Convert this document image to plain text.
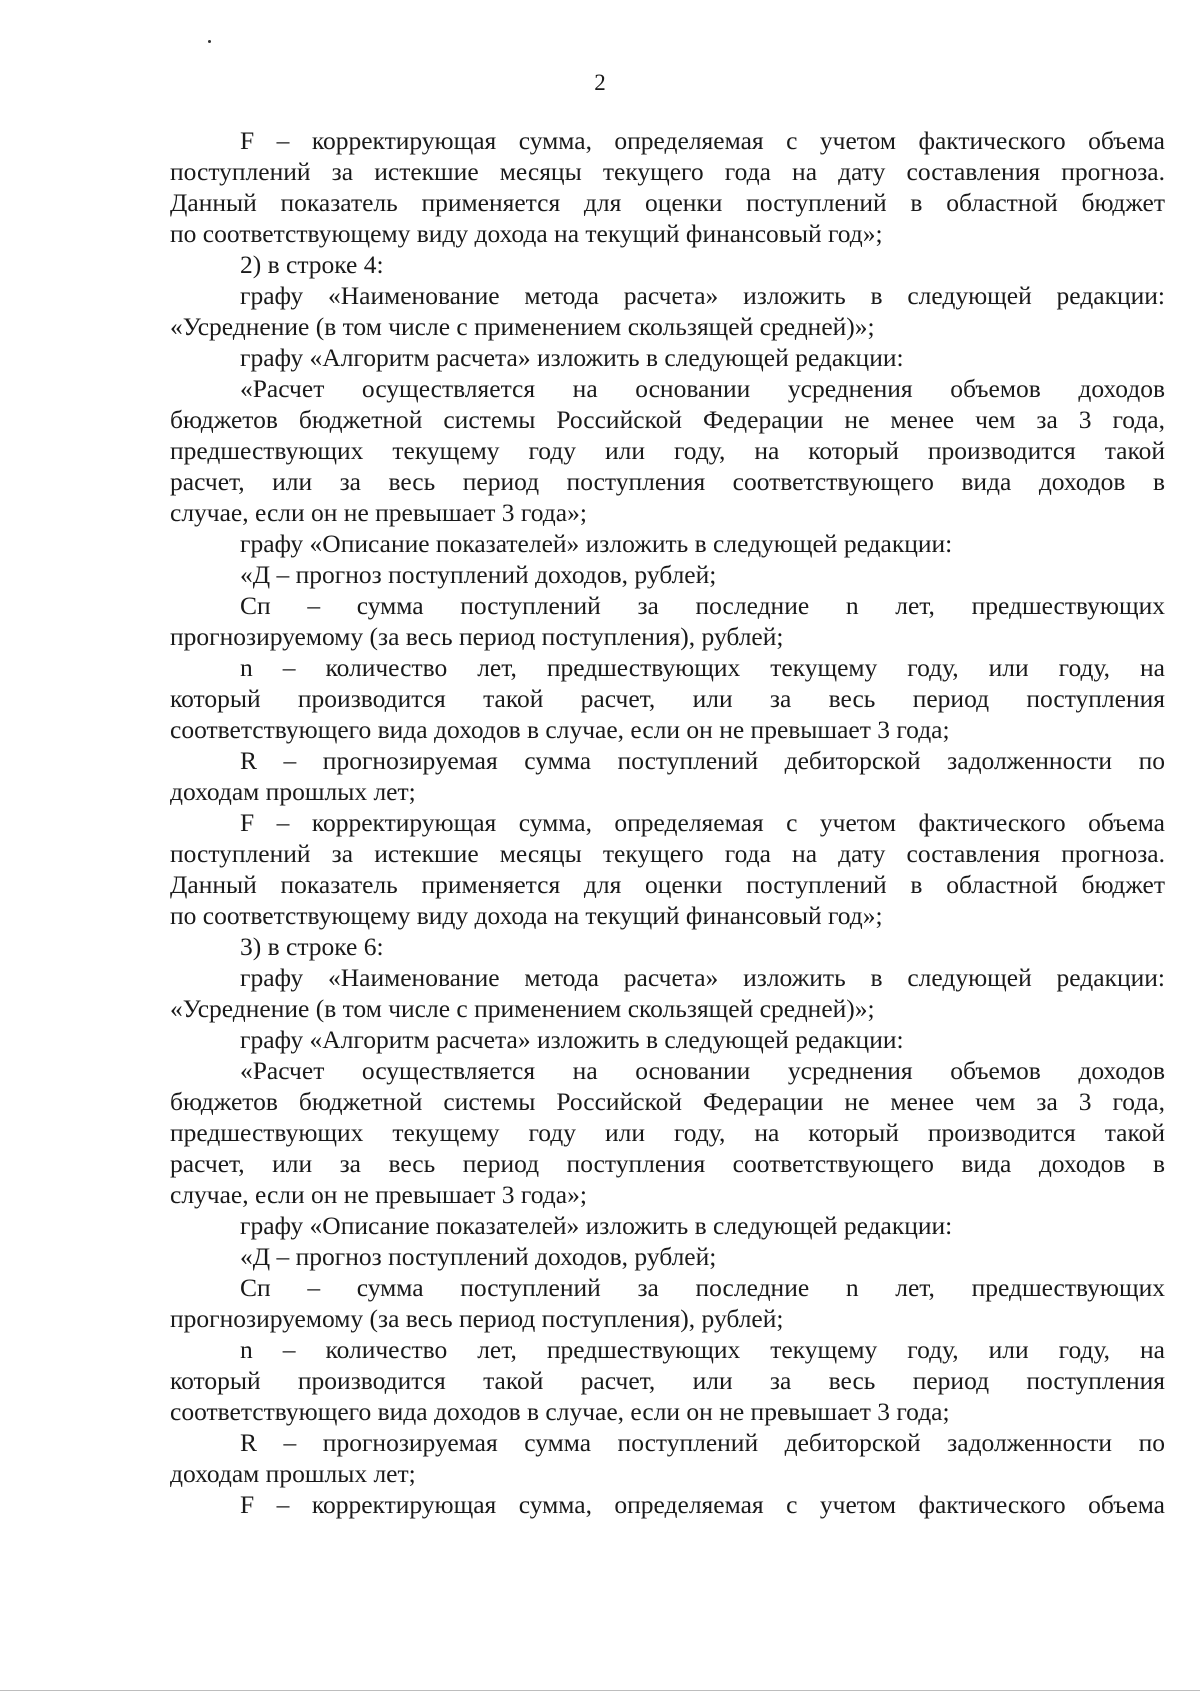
2
F – корректирующая сумма, определяемая с учетом фактического объема
поступлений за истекшие месяцы текущего года на дату составления прогноза.
Данный показатель применяется для оценки поступлений в областной бюджет
по соответствующему виду дохода на текущий финансовый год»;
2) в строке 4:
графу «Наименование метода расчета» изложить в следующей редакции:
«Усреднение (в том числе с применением скользящей средней)»;
графу «Алгоритм расчета» изложить в следующей редакции:
«Расчет осуществляется на основании усреднения объемов доходов
бюджетов бюджетной системы Российской Федерации не менее чем за 3 года,
предшествующих текущему году или году, на который производится такой
расчет, или за весь период поступления соответствующего вида доходов в
случае, если он не превышает 3 года»;
графу «Описание показателей» изложить в следующей редакции:
«Д – прогноз поступлений доходов, рублей;
Сп – сумма поступлений за последние n лет, предшествующих
прогнозируемому (за весь период поступления), рублей;
n – количество лет, предшествующих текущему году, или году, на
который производится такой расчет, или за весь период поступления
соответствующего вида доходов в случае, если он не превышает 3 года;
R – прогнозируемая сумма поступлений дебиторской задолженности по
доходам прошлых лет;
F – корректирующая сумма, определяемая с учетом фактического объема
поступлений за истекшие месяцы текущего года на дату составления прогноза.
Данный показатель применяется для оценки поступлений в областной бюджет
по соответствующему виду дохода на текущий финансовый год»;
3) в строке 6:
графу «Наименование метода расчета» изложить в следующей редакции:
«Усреднение (в том числе с применением скользящей средней)»;
графу «Алгоритм расчета» изложить в следующей редакции:
«Расчет осуществляется на основании усреднения объемов доходов
бюджетов бюджетной системы Российской Федерации не менее чем за 3 года,
предшествующих текущему году или году, на который производится такой
расчет, или за весь период поступления соответствующего вида доходов в
случае, если он не превышает 3 года»;
графу «Описание показателей» изложить в следующей редакции:
«Д – прогноз поступлений доходов, рублей;
Сп – сумма поступлений за последние n лет, предшествующих
прогнозируемому (за весь период поступления), рублей;
n – количество лет, предшествующих текущему году, или году, на
который производится такой расчет, или за весь период поступления
соответствующего вида доходов в случае, если он не превышает 3 года;
R – прогнозируемая сумма поступлений дебиторской задолженности по
доходам прошлых лет;
F – корректирующая сумма, определяемая с учетом фактического объема
